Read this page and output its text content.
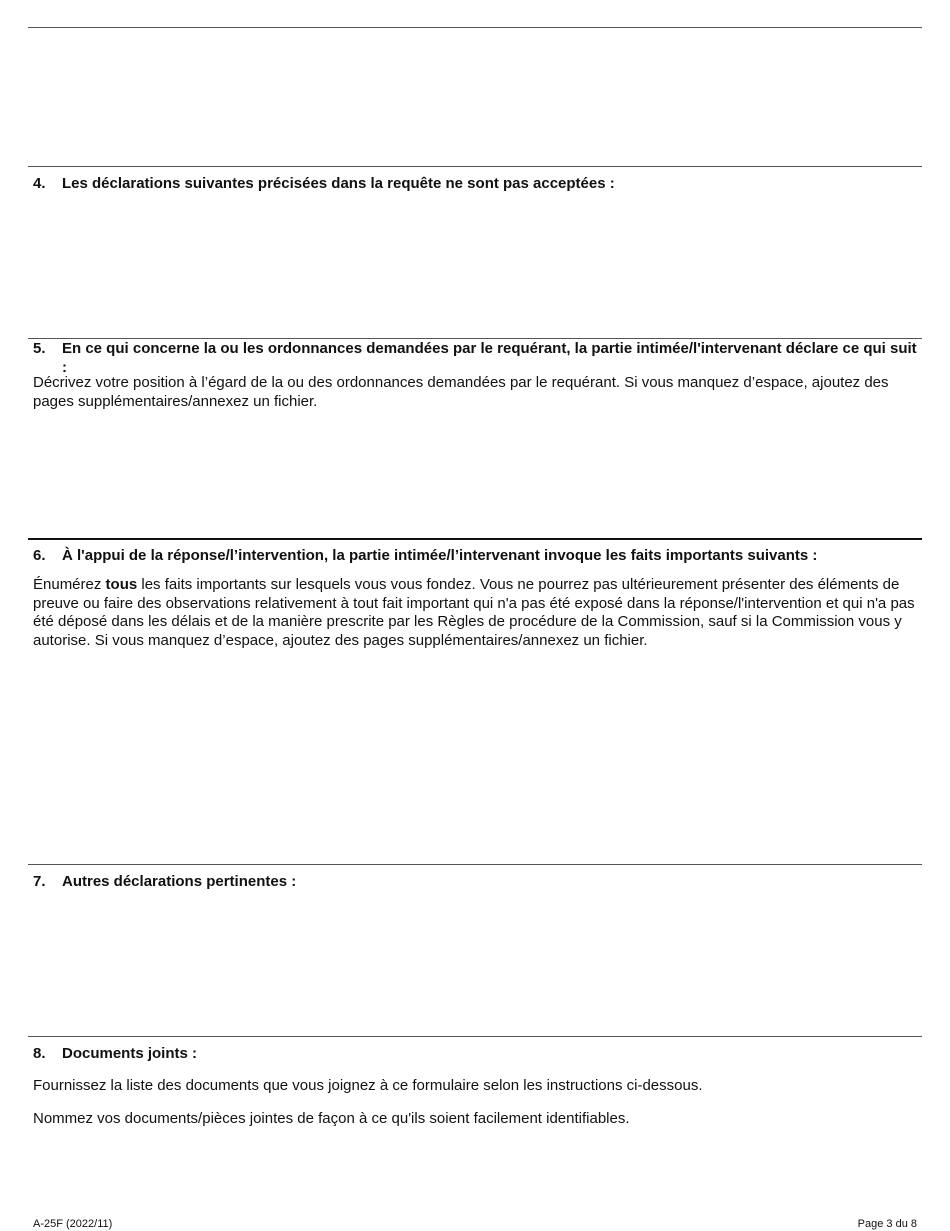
4.	Les déclarations suivantes précisées dans la requête ne sont pas acceptées :
5.	En ce qui concerne la ou les ordonnances demandées par le requérant, la partie intimée/l'intervenant déclare ce qui suit :

Décrivez votre position à l’égard de la ou des ordonnances demandées par le requérant. Si vous manquez d’espace, ajoutez des pages supplémentaires/annexez un fichier.

6.	À l'appui de la réponse/l’intervention, la partie intimée/l’intervenant invoque les faits importants suivants :

Énumérez tous les faits importants sur lesquels vous vous fondez. Vous ne pourrez pas ultérieurement présenter des éléments de preuve ou faire des observations relativement à tout fait important qui n'a pas été exposé dans la réponse/l'intervention et qui n'a pas été déposé dans les délais et de la manière prescrite par les Règles de procédure de la Commission, sauf si la Commission vous y autorise. Si vous manquez d’espace, ajoutez des pages supplémentaires/annexez un fichier.

7.	Autres déclarations pertinentes :
8.	Documents joints :

Fournissez la liste des documents que vous joignez à ce formulaire selon les instructions ci-dessous.

Nommez vos documents/pièces jointes de façon à ce qu'ils soient facilement identifiables.

A-25F (2022/11)	Page 3 du 8
